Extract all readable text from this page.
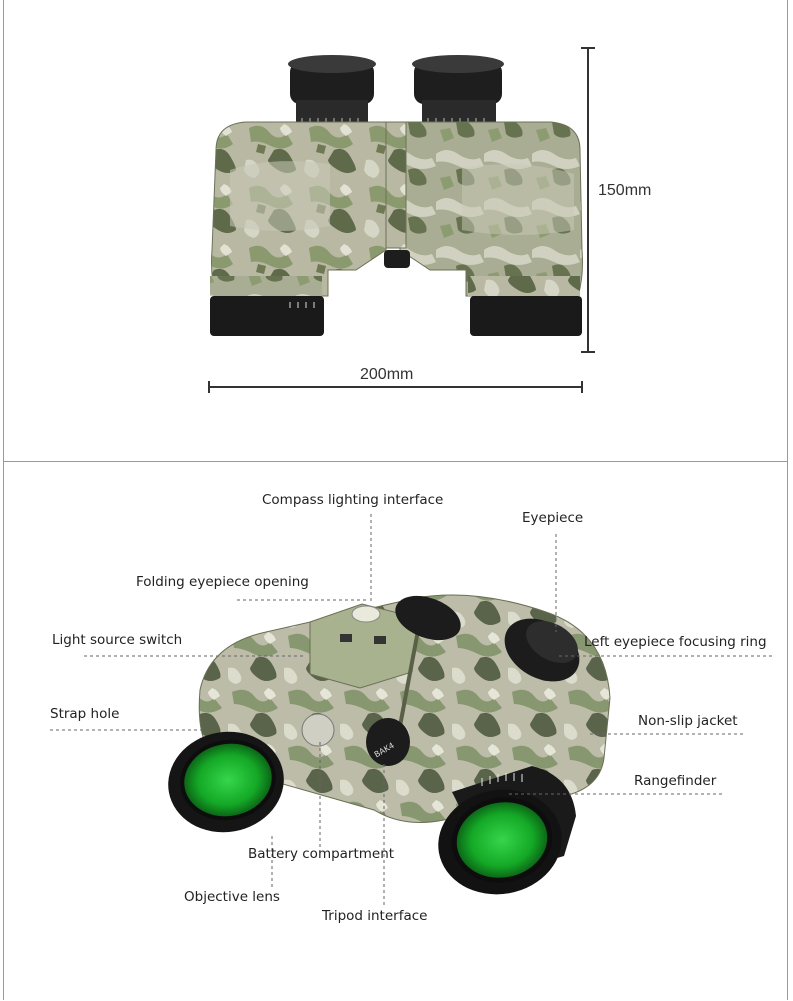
150mm
200mm
BAK4
Compass lighting interface
Eyepiece
Folding eyepiece opening
Light source switch	Left eyepiece focusing ring
Strap hole	Non-slip jacket
Rangefinder
Battery compartment
Objective lens
Tripod interface
